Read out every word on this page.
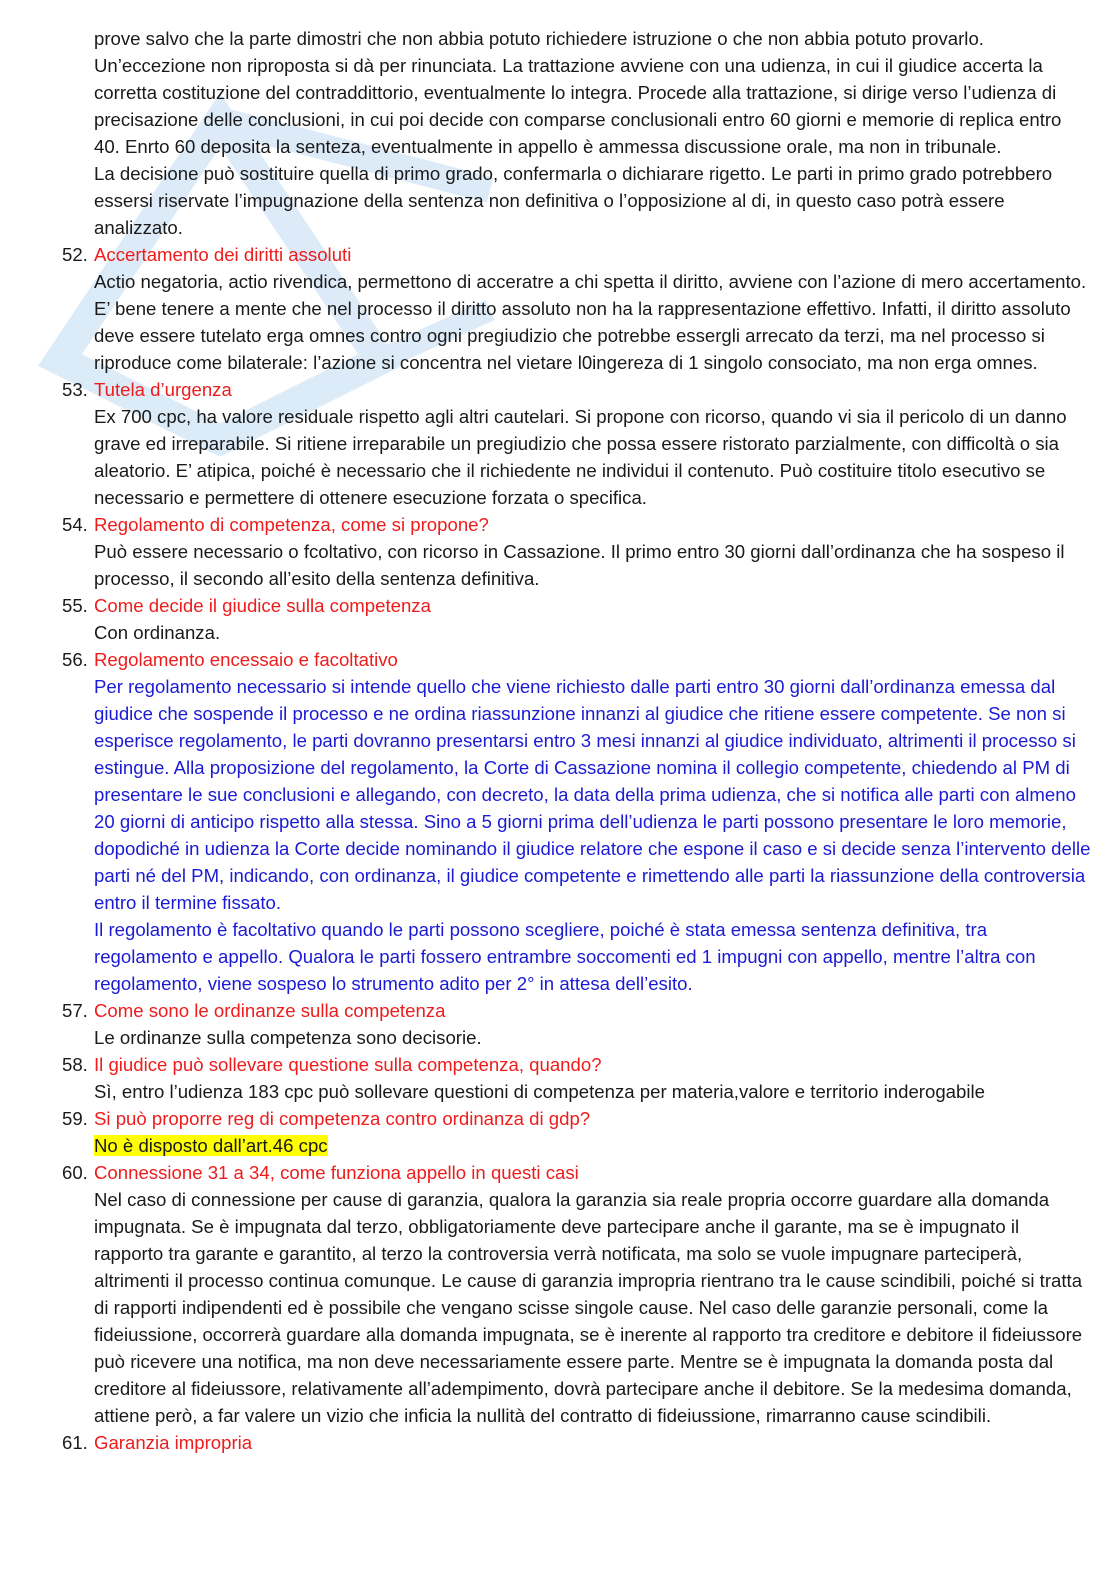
prove salvo che la parte dimostri che non abbia potuto richiedere istruzione o che non abbia potuto provarlo. Un’eccezione non riproposta si dà per rinunciata. La trattazione avviene con una udienza, in cui il giudice accerta la corretta costituzione del contraddittorio, eventualmente lo integra. Procede alla trattazione, si dirige verso l’udienza di precisazione delle conclusioni, in cui poi decide con comparse conclusionali entro 60 giorni e memorie di replica entro 40. Enrto 60 deposita la senteza, eventualmente in appello è ammessa discussione orale, ma non in tribunale.

La decisione può sostituire quella di primo grado, confermarla o dichiarare rigetto. Le parti in primo grado potrebbero essersi riservate l’impugnazione della sentenza non definitiva o l’opposizione al di, in questo caso potrà essere analizzato.

52. Accertamento dei diritti assoluti

Actio negatoria, actio rivendica, permettono di acceratre a chi spetta il diritto, avviene con l’azione di mero accertamento. E’ bene tenere a mente che nel processo il diritto assoluto non ha la rappresentazione effettivo. Infatti, il diritto assoluto deve essere tutelato erga omnes contro ogni pregiudizio che potrebbe essergli arrecato da terzi, ma nel processo si riproduce come bilaterale: l’azione si concentra nel vietare l0ingereza di 1 singolo consociato, ma non erga omnes.

53. Tutela d’urgenza

Ex 700 cpc, ha valore residuale rispetto agli altri cautelari. Si propone con ricorso, quando vi sia il pericolo di un danno grave ed irreparabile. Si ritiene irreparabile un pregiudizio che possa essere ristorato parzialmente, con difficoltà o sia aleatorio. E’ atipica, poiché è necessario che il richiedente ne individui il contenuto. Può costituire titolo esecutivo se necessario e permettere di ottenere esecuzione forzata o specifica.

54. Regolamento di competenza, come si propone?

Può essere necessario o fcoltativo, con ricorso in Cassazione. Il primo entro 30 giorni dall’ordinanza che ha sospeso il processo, il secondo all’esito della sentenza definitiva.

55. Come decide il giudice sulla competenza

Con ordinanza.

56. Regolamento encessaio e facoltativo

Per regolamento necessario si intende quello che viene richiesto dalle parti entro 30 giorni dall’ordinanza emessa dal giudice che sospende il processo e ne ordina riassunzione innanzi al giudice che ritiene essere competente. Se non si esperisce regolamento, le parti dovranno presentarsi entro 3 mesi innanzi al giudice individuato, altrimenti il processo si estingue. Alla proposizione del regolamento, la Corte di Cassazione nomina il collegio competente, chiedendo al PM di presentare le sue conclusioni e allegando, con decreto, la data della prima udienza, che si notifica alle parti con almeno 20 giorni di anticipo rispetto alla stessa. Sino a 5 giorni prima dell’udienza le parti possono presentare le loro memorie, dopodiché in udienza la Corte decide nominando il giudice relatore che espone il caso e si decide senza l’intervento delle parti né del PM, indicando, con ordinanza, il giudice competente e rimettendo alle parti la riassunzione della controversia entro il termine fissato.

Il regolamento è facoltativo quando le parti possono scegliere, poiché è stata emessa sentenza definitiva, tra regolamento e appello. Qualora le parti fossero entrambre soccomenti ed 1 impugni con appello, mentre l’altra con regolamento, viene sospeso lo strumento adito per 2° in attesa dell’esito.

57. Come sono le ordinanze sulla competenza

Le ordinanze sulla competenza sono decisorie.

58. Il giudice può sollevare questione sulla competenza, quando?

Sì, entro l’udienza 183 cpc può sollevare questioni di competenza per materia,valore e territorio inderogabile

59. Si può proporre reg di competenza contro ordinanza di gdp?

No è disposto dall’art.46 cpc

60. Connessione 31 a 34, come funziona appello in questi casi

Nel caso di connessione per cause di garanzia, qualora la garanzia sia reale propria occorre guardare alla domanda impugnata. Se è impugnata dal terzo, obbligatoriamente deve partecipare anche il garante, ma se è impugnato il rapporto tra garante e garantito, al terzo la controversia verrà notificata, ma solo se vuole impugnare parteciperà, altrimenti il processo continua comunque. Le cause di garanzia impropria rientrano tra le cause scindibili, poiché si tratta di rapporti indipendenti ed è possibile che vengano scisse singole cause. Nel caso delle garanzie personali, come la fideiussione, occorrerà guardare alla domanda impugnata, se è inerente al rapporto tra creditore e debitore il fideiussore può ricevere una notifica, ma non deve necessariamente essere parte. Mentre se è impugnata la domanda posta dal creditore al fideiussore, relativamente all’adempimento, dovrà partecipare anche il debitore. Se la medesima domanda, attiene però, a far valere un vizio che inficia la nullità del contratto di fideiussione, rimarranno cause scindibili.

61. Garanzia impropria
